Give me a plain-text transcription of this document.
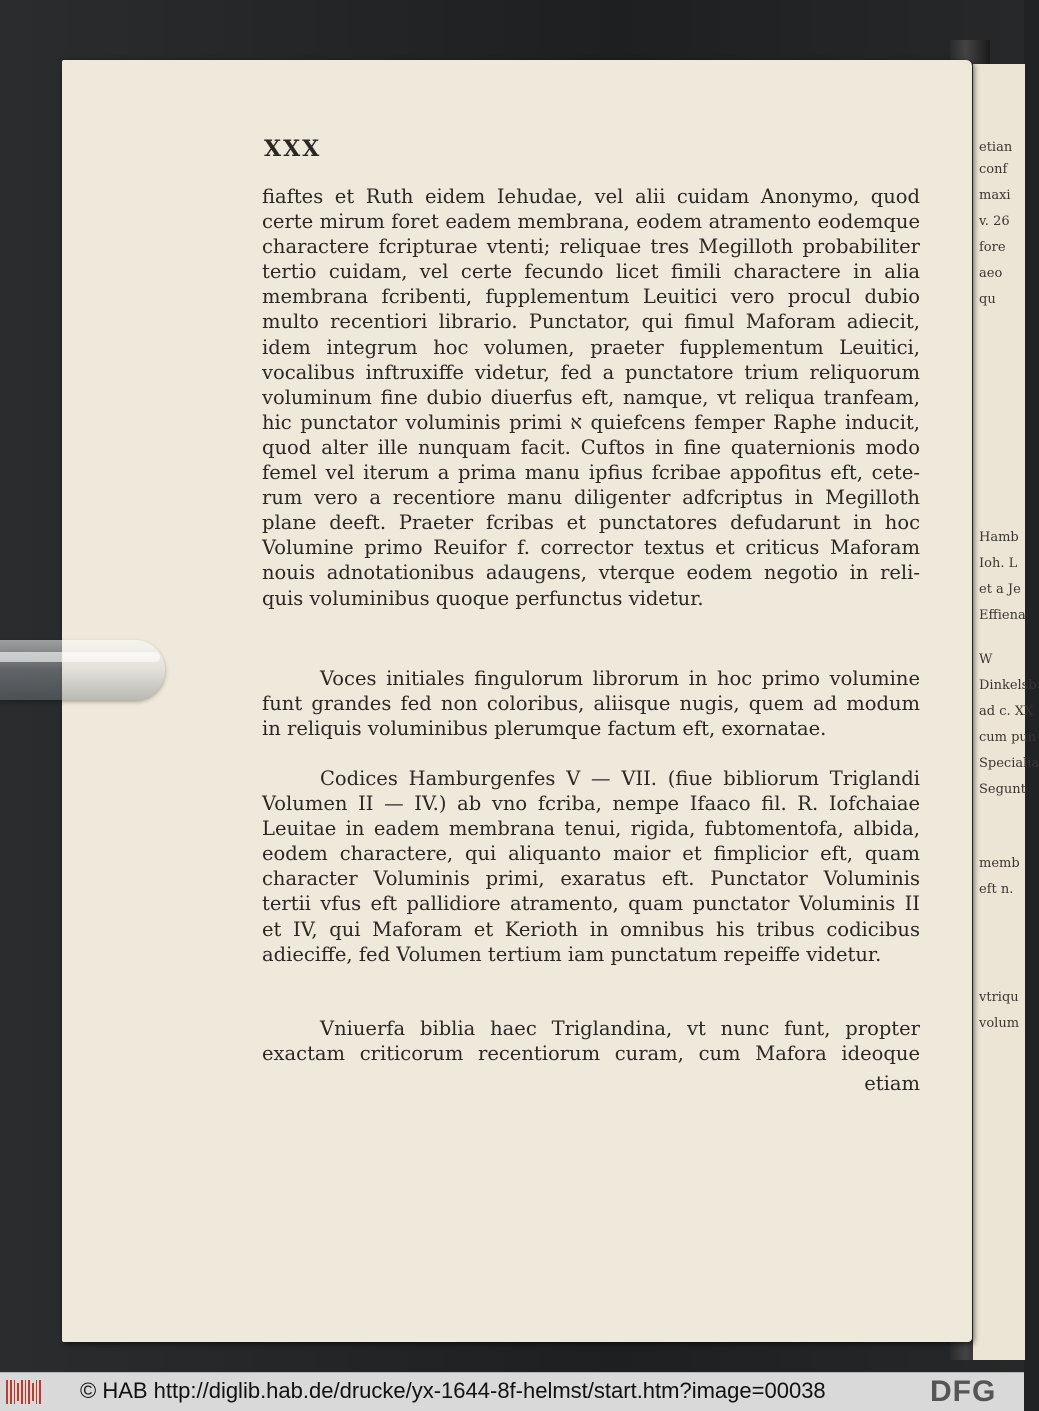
etian
conf
maxi
v. 26
fore
aeo
qu
Hamb
Ioh. L
et a Je
Effiena
W
Dinkelsb
ad c. XX
cum pun
Specialia
Segunt
memb
eft n.
vtriqu
volum
XXX
fiaftes et Ruth eidem Iehudae, vel alii cuidam Anonymo, quod
certe mirum foret eadem membrana, eodem atramento eodemque
charactere fcripturae vtenti; reliquae tres Megilloth probabiliter
tertio cuidam, vel certe fecundo licet fimili charactere in alia
membrana fcribenti, fupplementum Leuitici vero procul dubio
multo recentiori librario. Punctator, qui fimul Maforam adiecit,
idem integrum hoc volumen, praeter fupplementum Leuitici,
vocalibus inftruxiffe videtur, fed a punctatore trium reliquorum
voluminum fine dubio diuerfus eft, namque, vt reliqua tranfeam,
hic punctator voluminis primi א quiefcens femper Raphe inducit,
quod alter ille nunquam facit. Cuftos in fine quaternionis modo
femel vel iterum a prima manu ipfius fcribae appofitus eft, cete-
rum vero a recentiore manu diligenter adfcriptus in Megilloth
plane deeft. Praeter fcribas et punctatores defudarunt in hoc
Volumine primo Reuifor f. corrector textus et criticus Maforam
nouis adnotationibus adaugens, vterque eodem negotio in reli-
quis voluminibus quoque perfunctus videtur.
Voces initiales fingulorum librorum in hoc primo volumine
funt grandes fed non coloribus, aliisque nugis, quem ad modum
in reliquis voluminibus plerumque factum eft, exornatae.
Codices Hamburgenfes V — VII. (fiue bibliorum Triglandi
Volumen II — IV.) ab vno fcriba, nempe Ifaaco fil. R. Iofchaiae
Leuitae in eadem membrana tenui, rigida, fubtomentofa, albida,
eodem charactere, qui aliquanto maior et fimplicior eft, quam
character Voluminis primi, exaratus eft. Punctator Voluminis
tertii vfus eft pallidiore atramento, quam punctator Voluminis II
et IV, qui Maforam et Kerioth in omnibus his tribus codicibus
adieciffe, fed Volumen tertium iam punctatum repeiffe videtur.
Vniuerfa biblia haec Triglandina, vt nunc funt, propter
exactam criticorum recentiorum curam, cum Mafora ideoque
etiam
© HAB http://diglib.hab.de/drucke/yx-1644-8f-helmst/start.htm?image=00038	DFG
